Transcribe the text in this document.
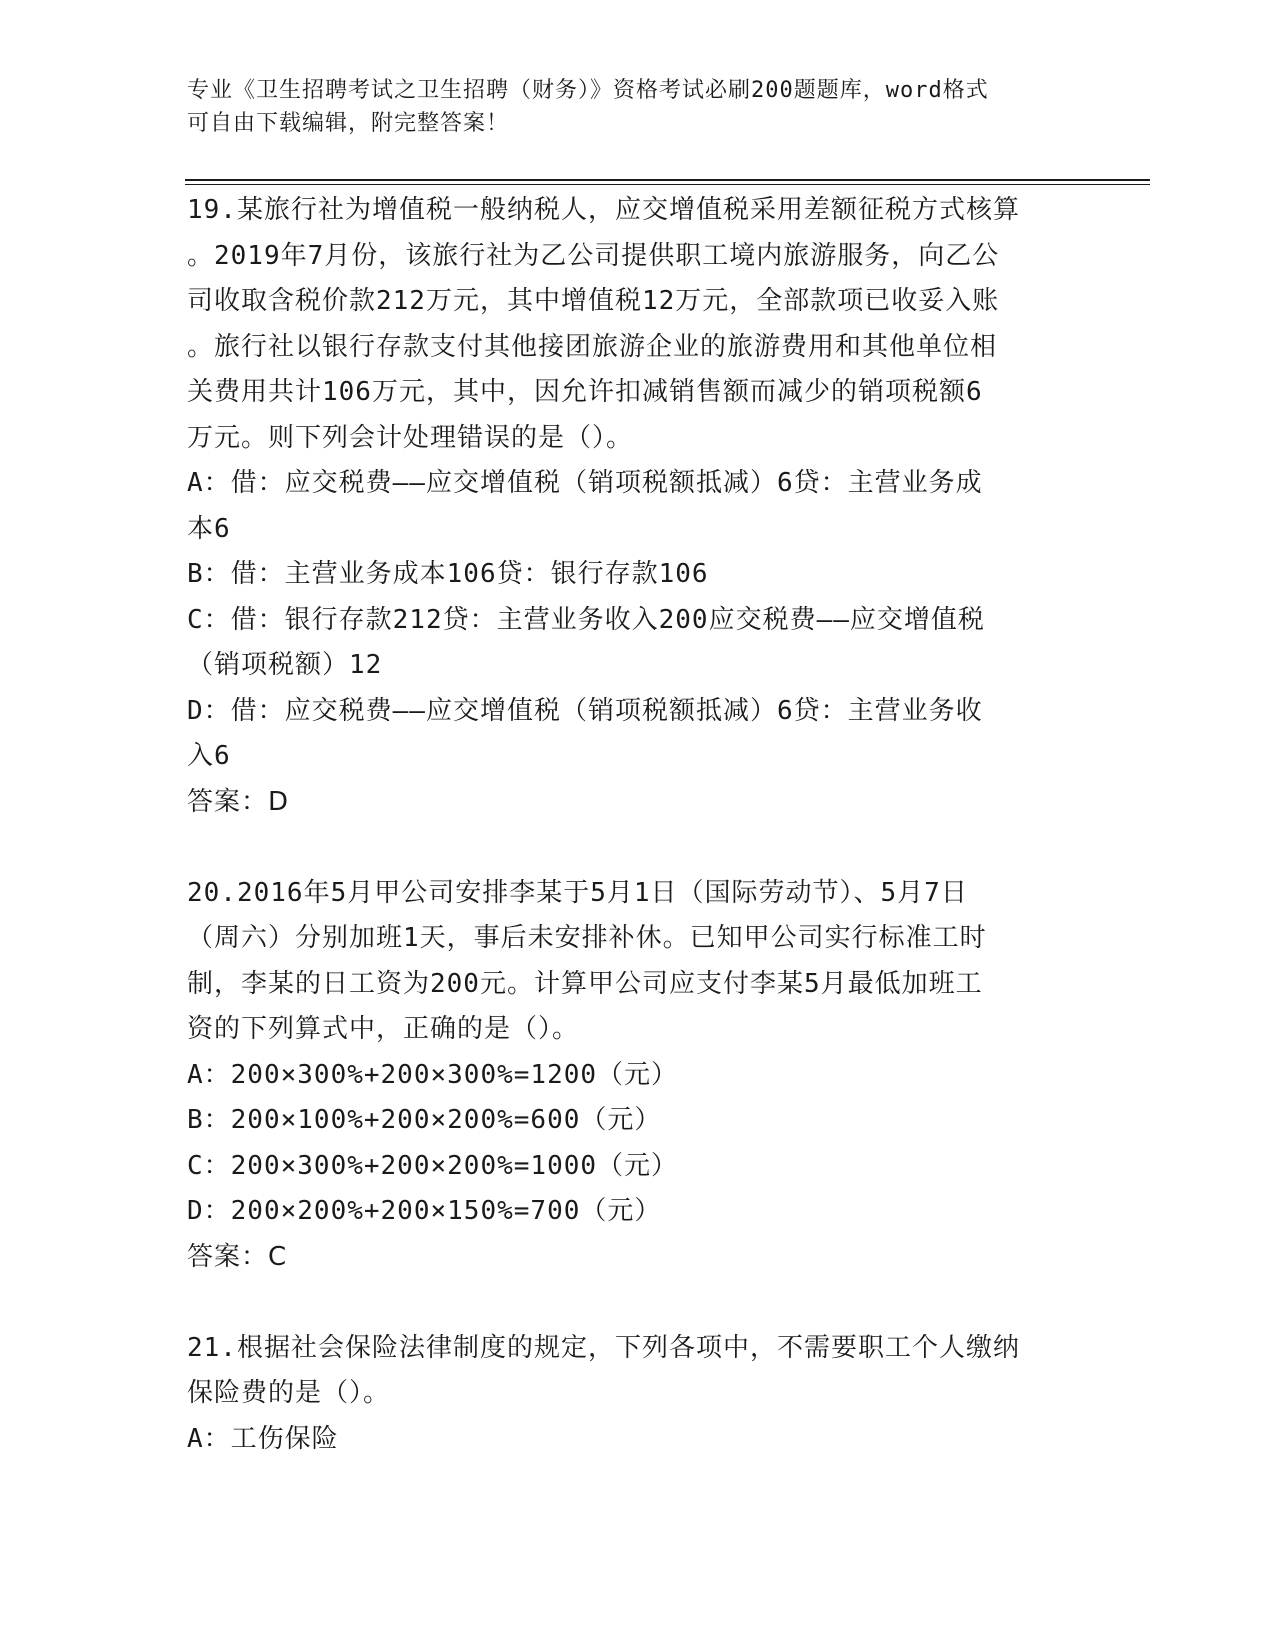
专业《卫生招聘考试之卫生招聘（财务）》资格考试必刷200题题库，word格式
可自由下载编辑，附完整答案！
19.某旅行社为增值税一般纳税人，应交增值税采用差额征税方式核算
。2019年7月份，该旅行社为乙公司提供职工境内旅游服务，向乙公
司收取含税价款212万元，其中增值税12万元，全部款项已收妥入账
。旅行社以银行存款支付其他接团旅游企业的旅游费用和其他单位相
关费用共计106万元，其中，因允许扣减销售额而减少的销项税额6
万元。则下列会计处理错误的是（）。
A：借：应交税费——应交增值税（销项税额抵减）6贷：主营业务成
本6
B：借：主营业务成本106贷：银行存款106
C：借：银行存款212贷：主营业务收入200应交税费——应交增值税
（销项税额）12
D：借：应交税费——应交增值税（销项税额抵减）6贷：主营业务收
入6
答案：D
20.2016年5月甲公司安排李某于5月1日（国际劳动节）、5月7日
（周六）分别加班1天，事后未安排补休。已知甲公司实行标准工时
制，李某的日工资为200元。计算甲公司应支付李某5月最低加班工
资的下列算式中，正确的是（）。
A：200×300%+200×300%=1200（元）
B：200×100%+200×200%=600（元）
C：200×300%+200×200%=1000（元）
D：200×200%+200×150%=700（元）
答案：C
21.根据社会保险法律制度的规定，下列各项中，不需要职工个人缴纳
保险费的是（）。
A：工伤保险
